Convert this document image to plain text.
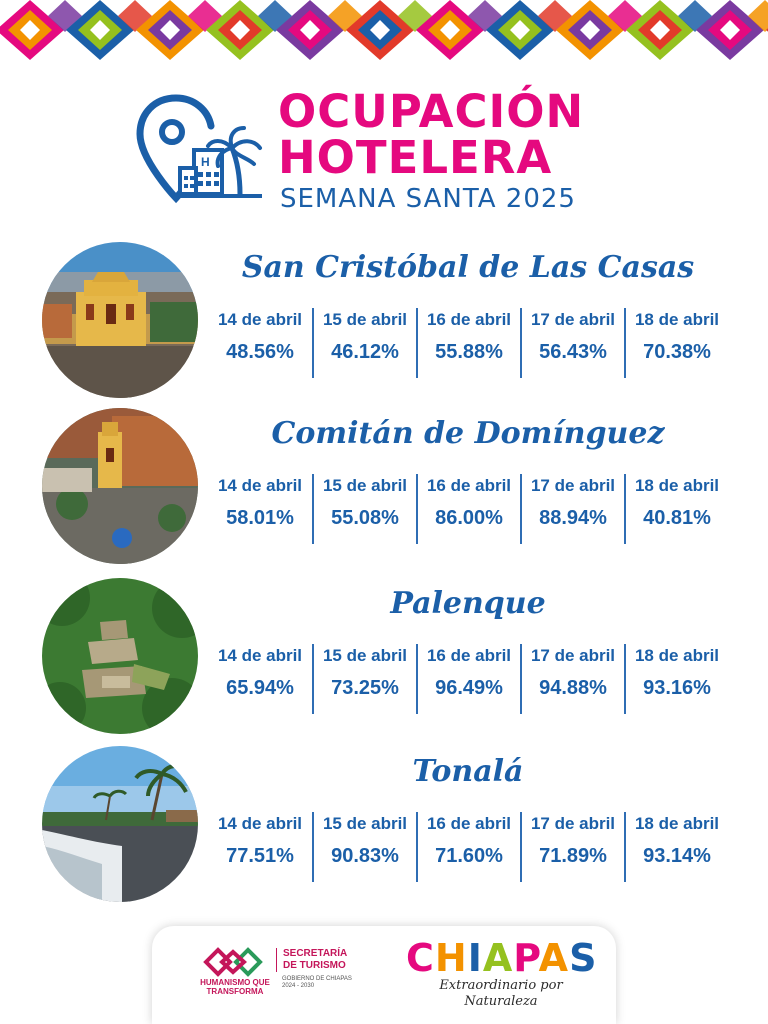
H
OCUPACIÓN
HOTELERA
SEMANA SANTA 2025
San Cristóbal de Las Casas
14 de abril
48.56%
15 de abril
46.12%
16 de abril
55.88%
17 de abril
56.43%
18 de abril
70.38%
Comitán de Domínguez
14 de abril
58.01%
15 de abril
55.08%
16 de abril
86.00%
17 de abril
88.94%
18 de abril
40.81%
Palenque
14 de abril
65.94%
15 de abril
73.25%
16 de abril
96.49%
17 de abril
94.88%
18 de abril
93.16%
Tonalá
14 de abril
77.51%
15 de abril
90.83%
16 de abril
71.60%
17 de abril
71.89%
18 de abril
93.14%
HUMANISMO QUE
TRANSFORMA
SECRETARÍA
DE TURISMO
GOBIERNO DE CHIAPAS
2024 - 2030
CHIAPAS
Extraordinario por Naturaleza
